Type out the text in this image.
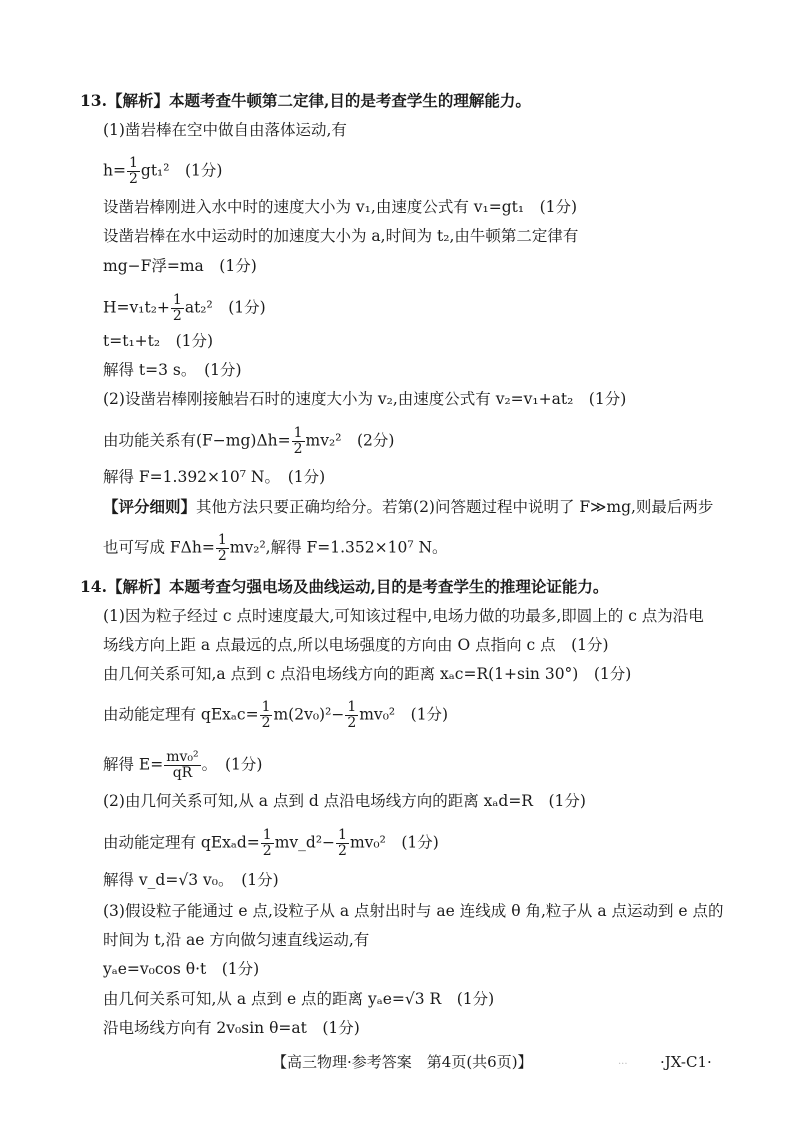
13.【解析】本题考查牛顿第二定律,目的是考查学生的理解能力。
(1)凿岩棒在空中做自由落体运动,有
$h= \frac{1}{2} gt_1^2$　 (1分)
设凿岩棒刚进入水中时的速度大小为 v₁,由速度公式有 v₁=gt₁　(1分)
设凿岩棒在水中运动时的加速度大小为 a,时间为 t₂,由牛顿第二定律有
mg−F浮=ma　(1分)
$H=v_1t_2+ \frac{1}{2} at_2^2$　 (1分)
t=t₁+t₂　(1分)
解得 t=3 s。　(1分)
(2)设凿岩棒刚接触岩石时的速度大小为 v₂,由速度公式有 v₂=v₁+at₂　(1分)
由功能关系有$(F-mg)\Delta h= \frac{1}{2} mv_2^2$　 (2分)
解得 F=1.392×10⁷ N。　(1分)
【评分细则】其他方法只要正确均给分。若第(2)问答题过程中说明了 F≫mg,则最后两步
也可写成 $F\Delta h= \frac{1}{2} mv_2^2$,解得 F=1.352×10⁷ N。
14.【解析】本题考查匀强电场及曲线运动,目的是考查学生的推理论证能力。
(1)因为粒子经过 c 点时速度最大,可知该过程中,电场力做的功最多,即圆上的 c 点为沿电
场线方向上距 a 点最远的点,所以电场强度的方向由 O 点指向 c 点　(1分)
由几何关系可知,a 点到 c 点沿电场线方向的距离 xₐc=R(1+sin 30°)　(1分)
由动能定理有 $qEx_ac= \frac{1}{2} m(2v_0)^2- \frac{1}{2} mv_0^2$　 (1分)
解得 $E= \frac{\text{mv₀²}}{qR}$ 。　 (1分)
(2)由几何关系可知,从 a 点到 d 点沿电场线方向的距离 xₐd=R　(1分)
由动能定理有 $qEx_ad= \frac{1}{2}$ mv_d²− $\frac{1}{2} mv_0^2$　 (1分)
解得 v_d=√3 v₀。　(1分)
(3)假设粒子能通过 e 点,设粒子从 a 点射出时与 ae 连线成 θ 角,粒子从 a 点运动到 e 点的
时间为 t,沿 ae 方向做匀速直线运动,有
yₐe=v₀cos θ·t　(1分)
由几何关系可知,从 a 点到 e 点的距离 yₐe=√3 R　(1分)
沿电场线方向有 2v₀sin θ=at　(1分)
【高三物理·参考答案　第4页(共6页)】	... ·JX-C1·
